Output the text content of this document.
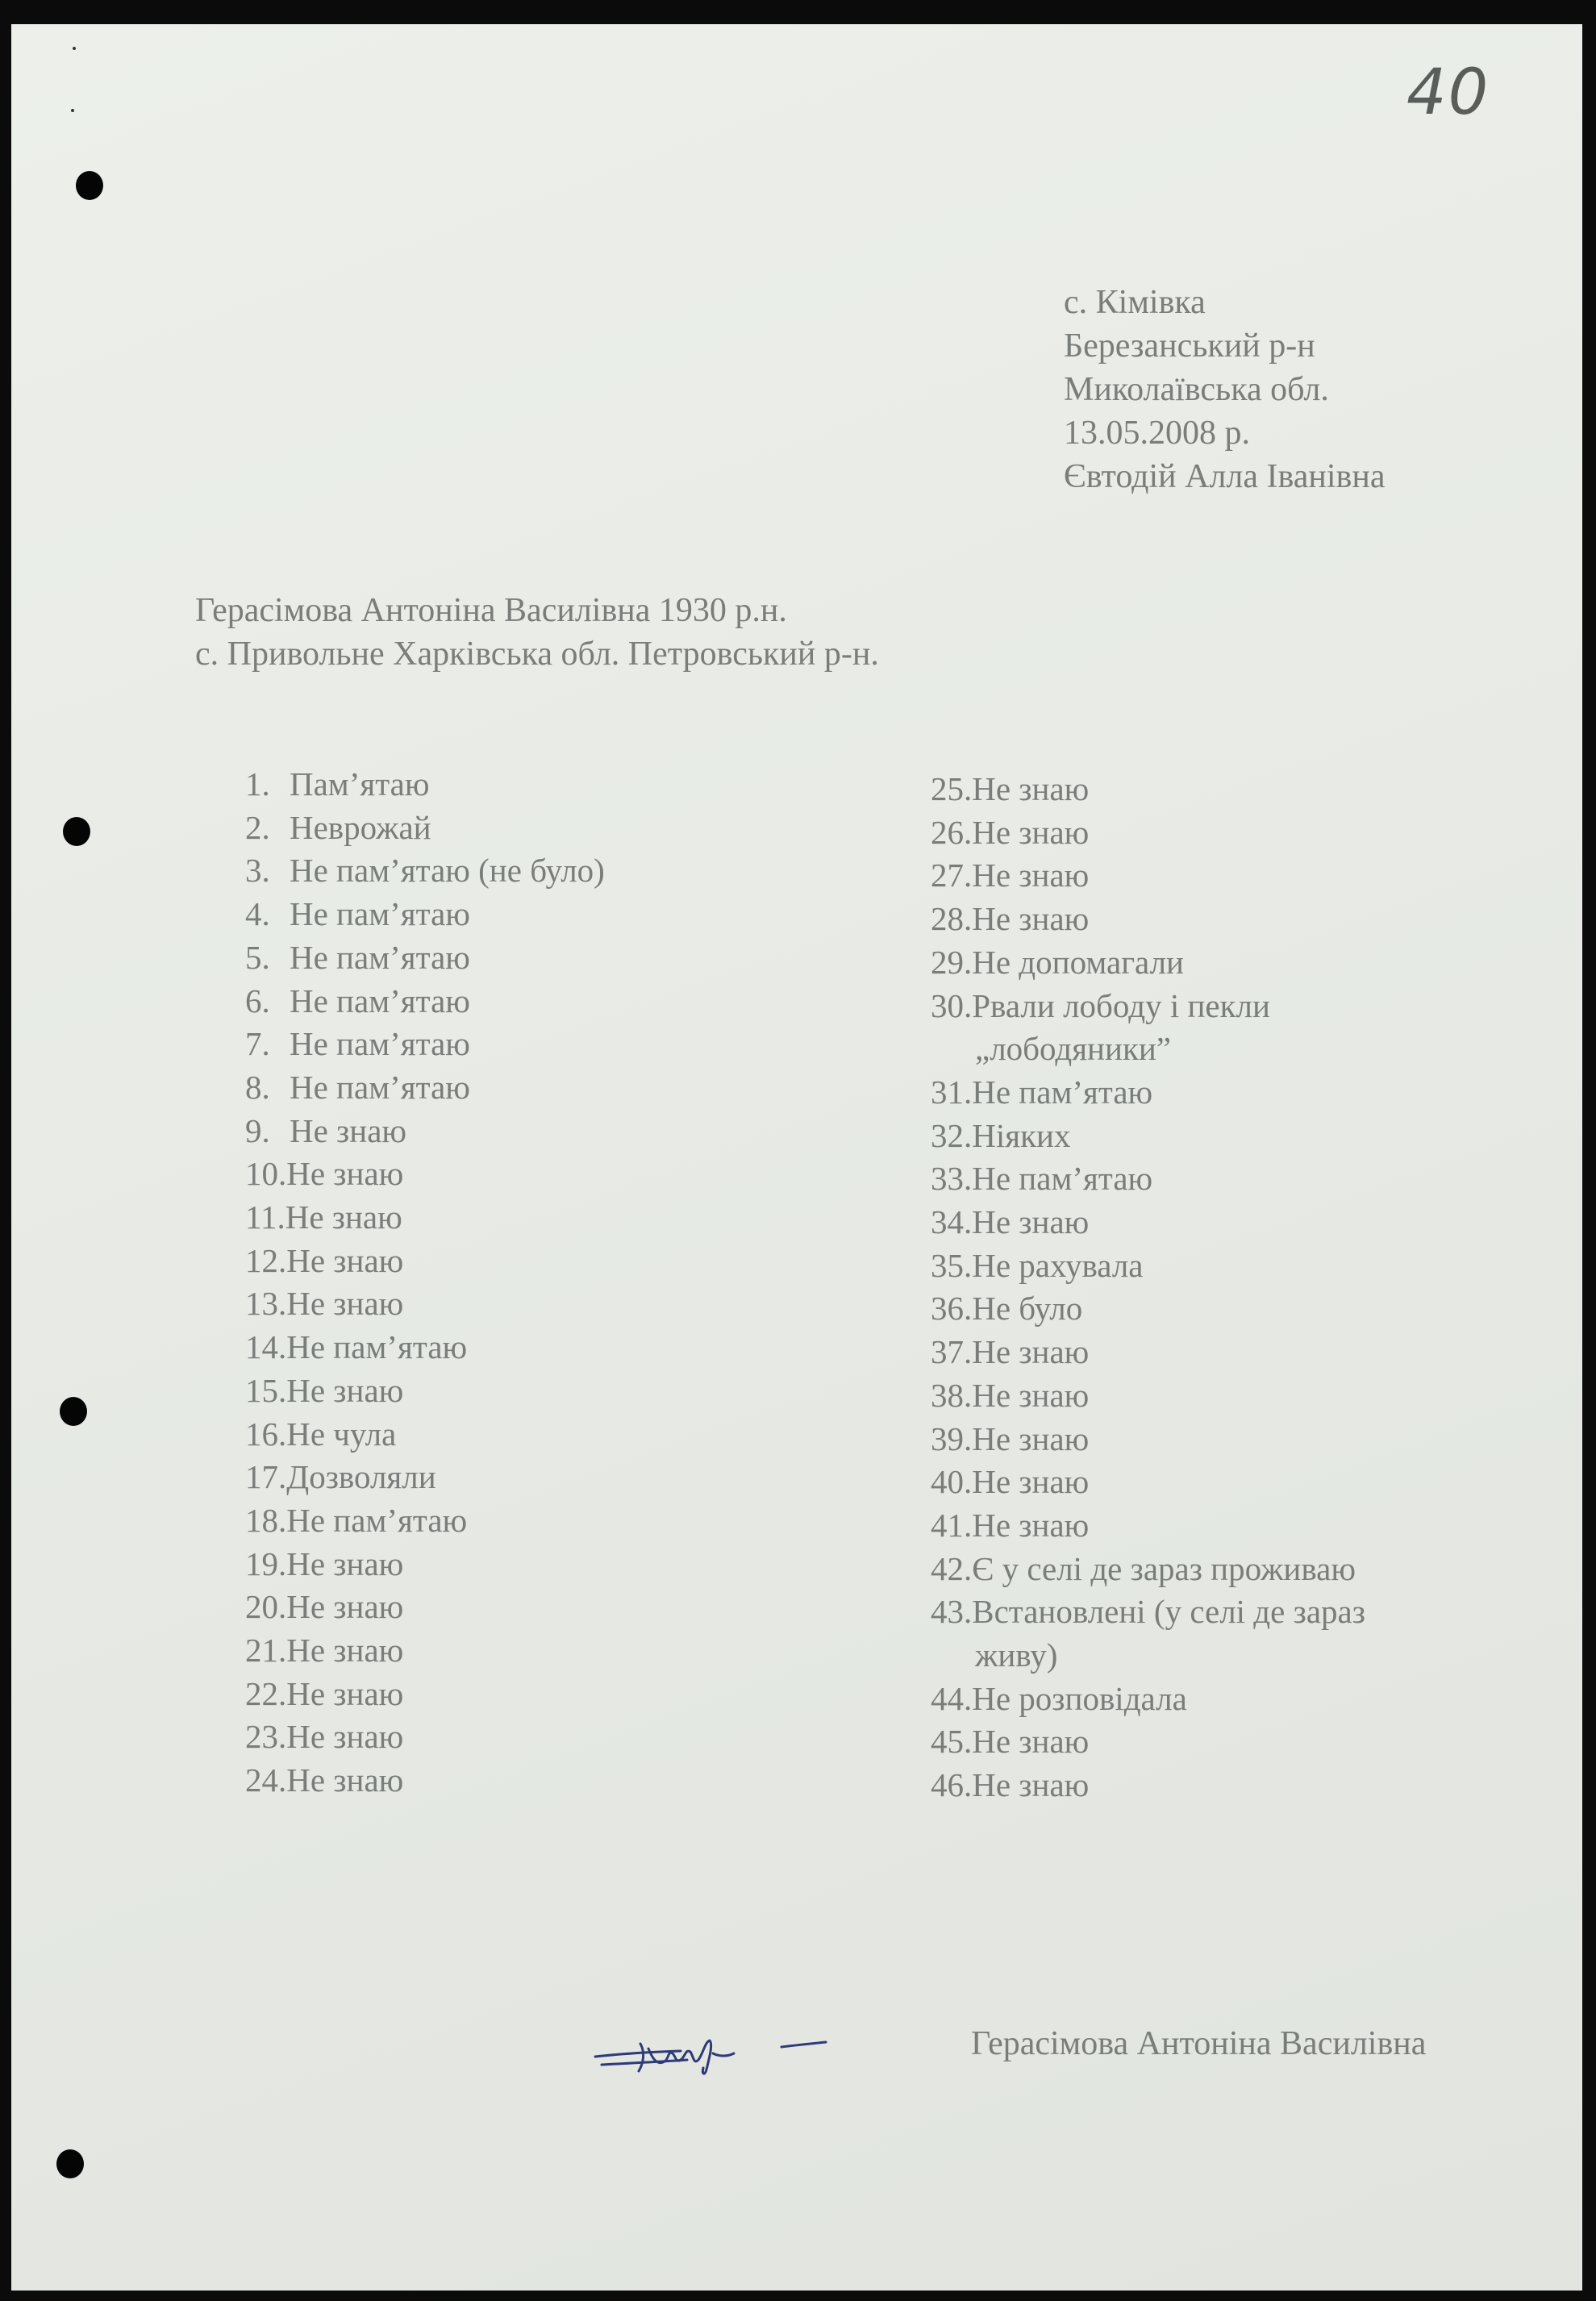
40
с. Кімівка
Березанський р-н
Миколаївська обл.
13.05.2008 р.
Євтодій Алла Іванівна
Герасімова Антоніна Василівна 1930 р.н.
с. Привольне Харківська обл. Петровський р-н.
1. Пам’ятаю
2. Неврожай
3. Не пам’ятаю (не було)
4. Не пам’ятаю
5. Не пам’ятаю
6. Не пам’ятаю
7. Не пам’ятаю
8. Не пам’ятаю
9. Не знаю
10. Не знаю
11. Не знаю
12. Не знаю
13. Не знаю
14. Не пам’ятаю
15. Не знаю
16. Не чула
17. Дозволяли
18. Не пам’ятаю
19. Не знаю
20. Не знаю
21. Не знаю
22. Не знаю
23. Не знаю
24. Не знаю
25. Не знаю
26. Не знаю
27. Не знаю
28. Не знаю
29. Не допомагали
30. Рвали лободу і пекли
„лободяники”
31. Не пам’ятаю
32. Ніяких
33. Не пам’ятаю
34. Не знаю
35. Не рахувала
36. Не було
37. Не знаю
38. Не знаю
39. Не знаю
40. Не знаю
41. Не знаю
42. Є у селі де зараз проживаю
43. Встановлені (у селі де зараз
живу)
44. Не розповідала
45. Не знаю
46. Не знаю
Герасімова Антоніна Василівна
